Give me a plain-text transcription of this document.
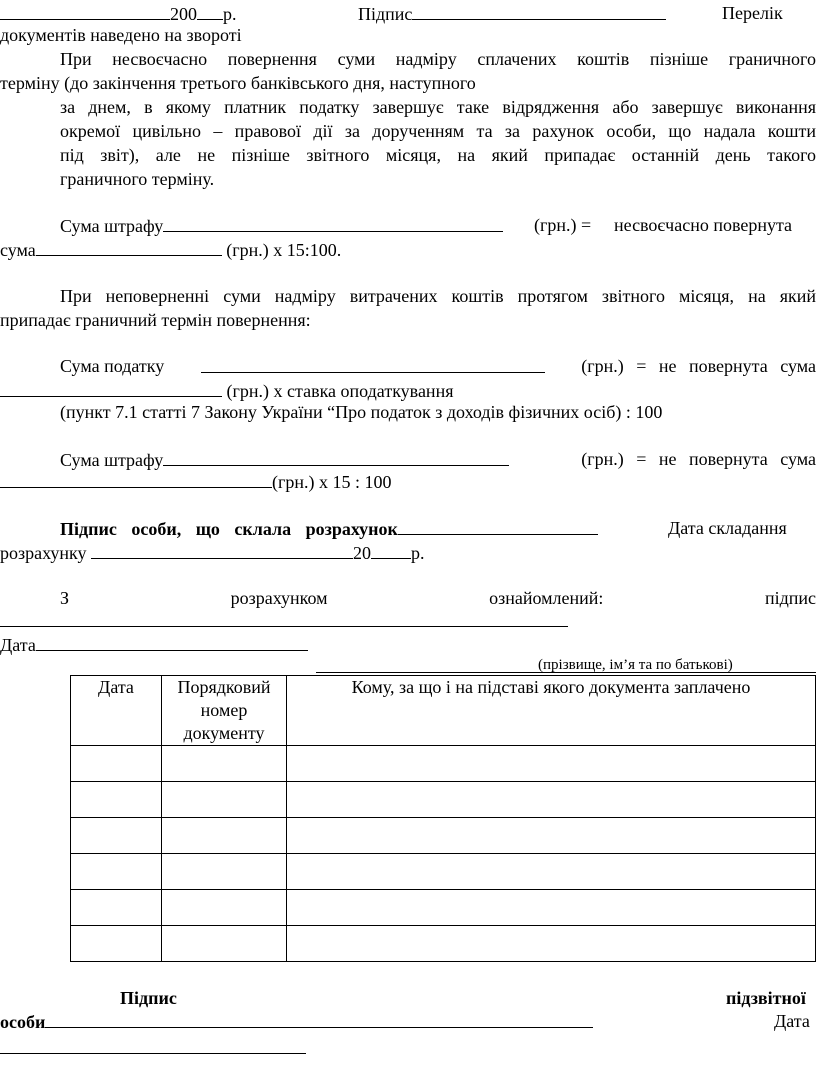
200 р.	Підпис	Перелік
документів наведено на звороті
При несвоєчасно повернення суми надміру сплачених коштів пізніше граничного
терміну (до закінчення третього банківського дня, наступного
за днем, в якому платник податку завершує таке відрядження або завершує виконання
окремої цивільно – правової дії за дорученням та за рахунок особи, що надала кошти
під звіт), але не пізніше звітного місяця, на який припадає останній день такого
граничного терміну.
Сума штрафу	(грн.) = несвоєчасно повернута
сума	(грн.) х 15:100.
При неповерненні суми надміру витрачених коштів протягом звітного місяця, на який
припадає граничний термін повернення:
Сума податку	(грн.) = не повернута сума
(грн.) х ставка оподаткування
(пункт 7.1 статті 7 Закону України “Про податок з доходів фізичних осіб) : 100
Сума штрафу	(грн.) = не повернута сума
(грн.) х 15 : 100
Підпис особи, що склала розрахунок	Дата складання
розрахунку	20 р.
З	розрахунком	ознайомлений:	підпис
Дата
(прізвище, ім’я та по батькові)
Дата	Порядковий номер документу	Кому, за що і на підставі якого документа заплачено

Підпис	підзвітної
особи	Дата
